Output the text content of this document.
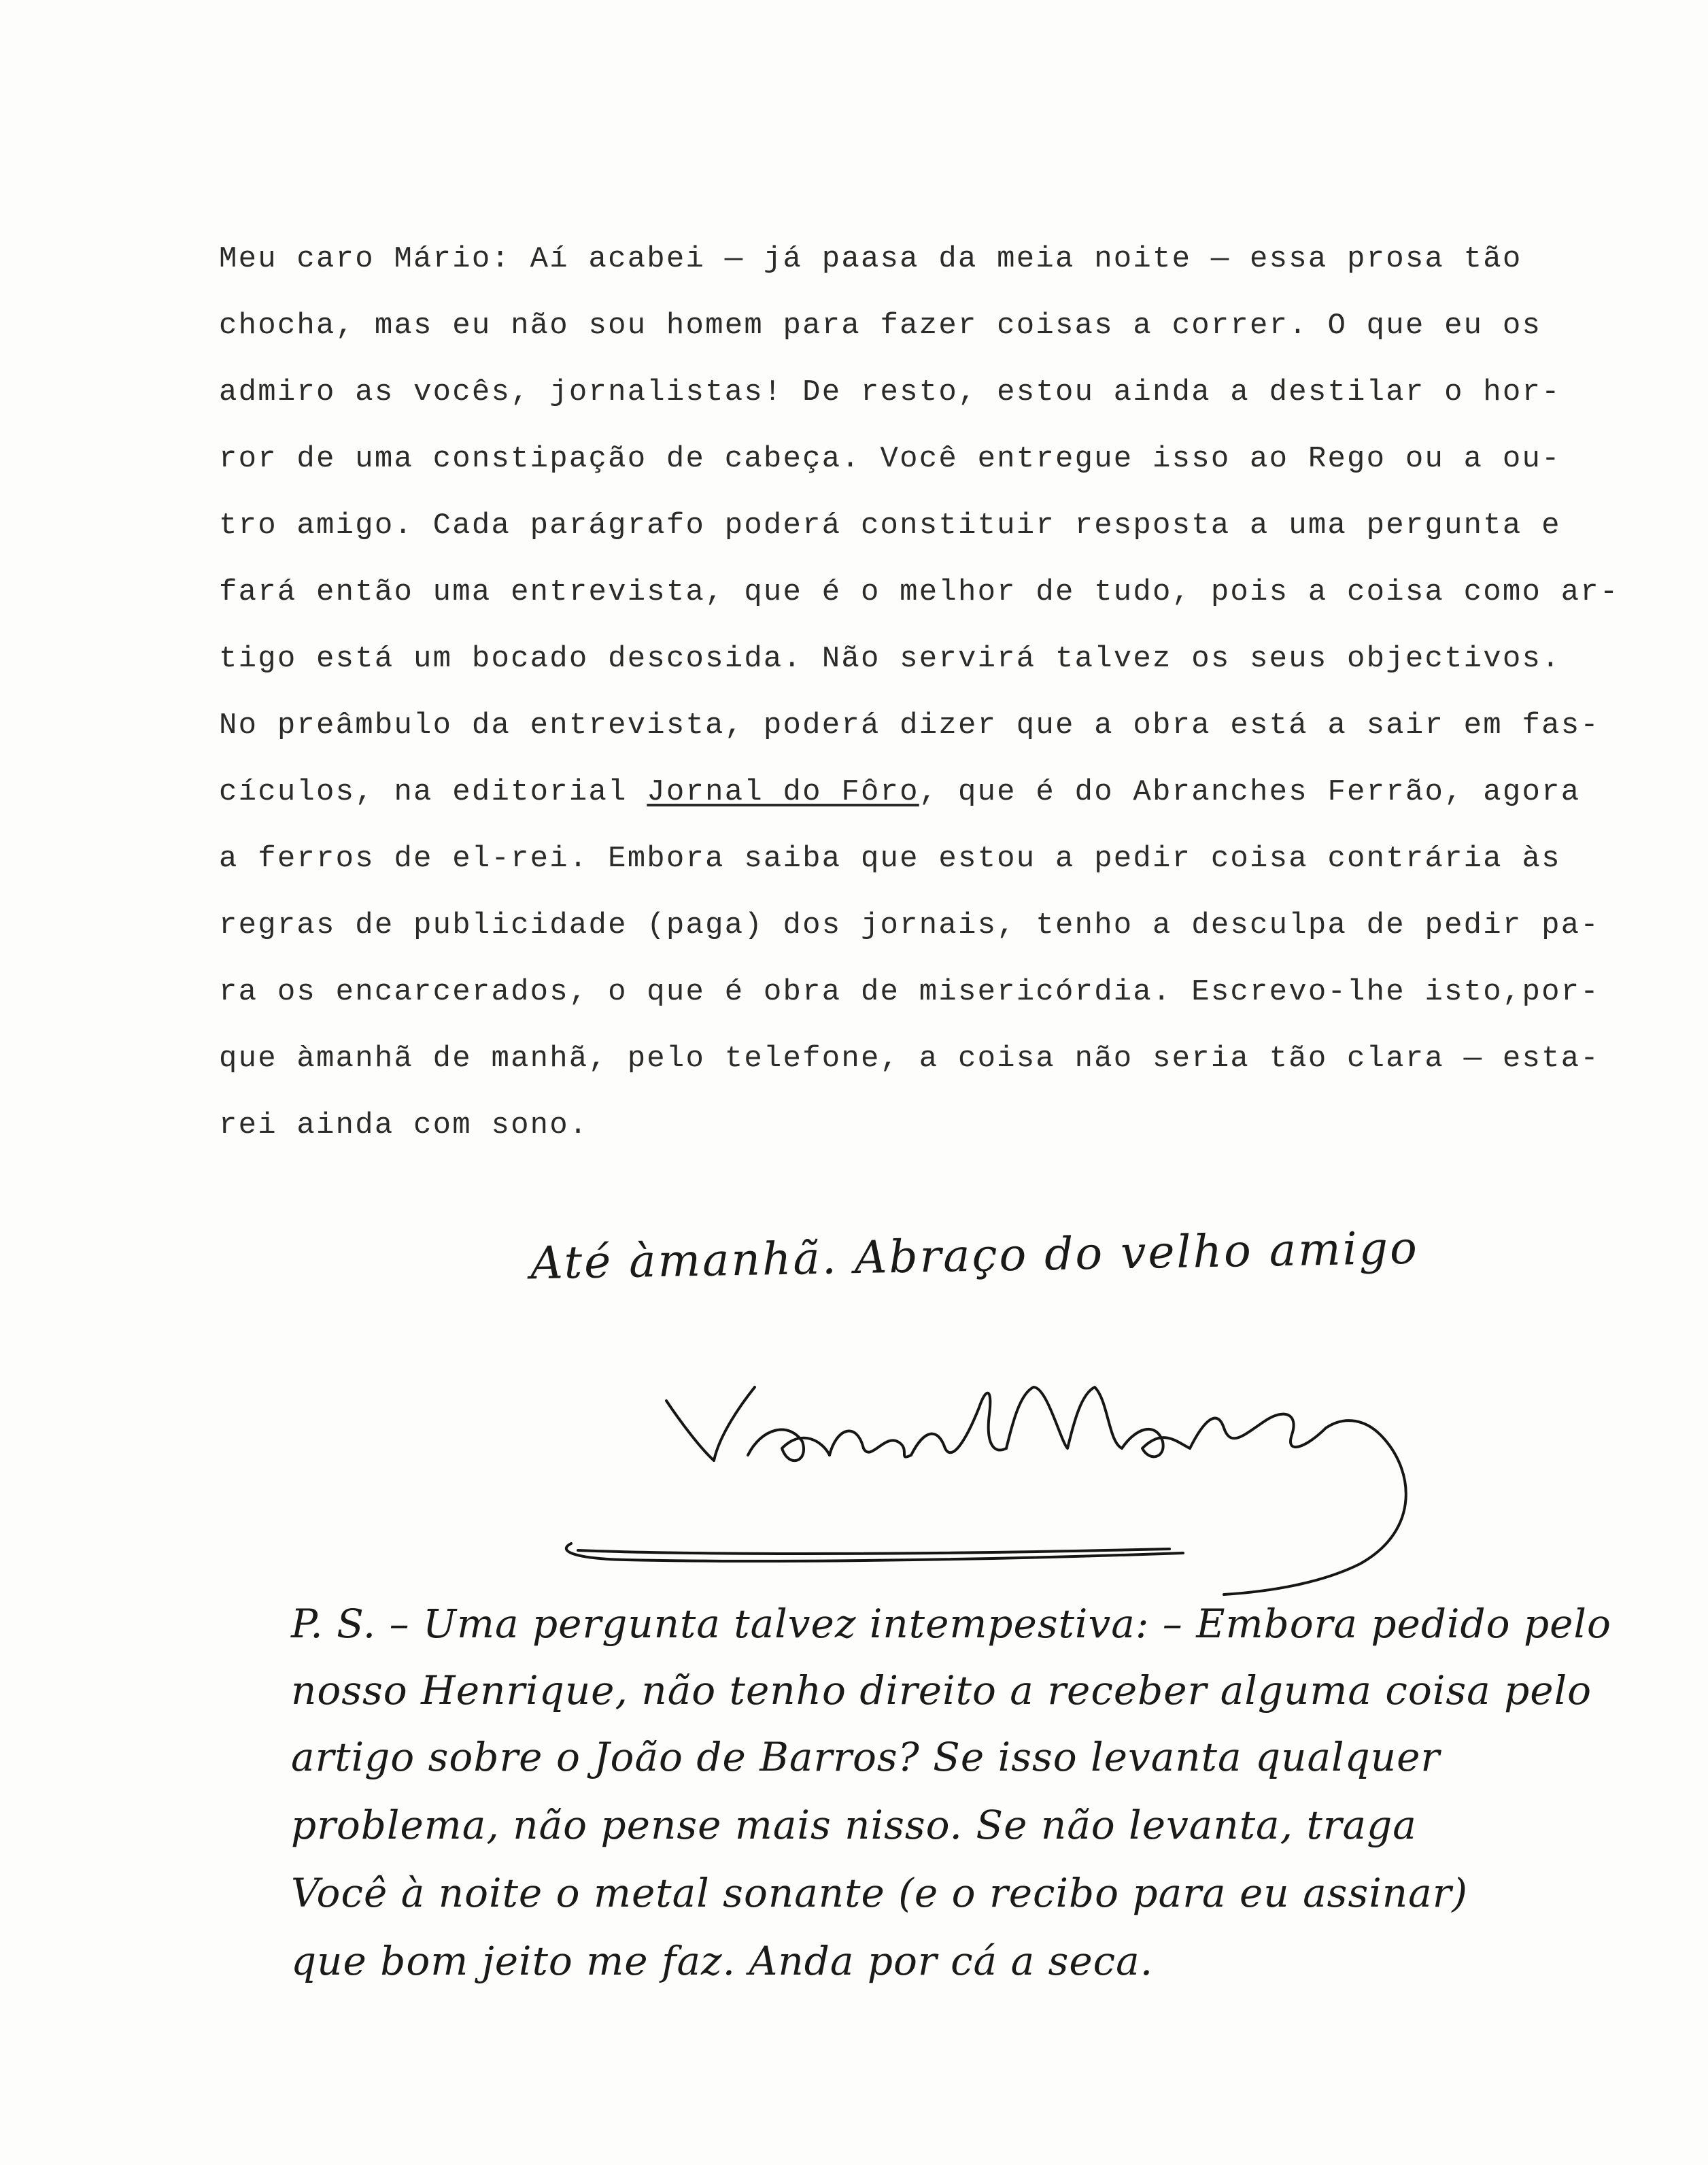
Meu caro Mário: Aí acabei — já paasa da meia noite — essa prosa tão
chocha, mas eu não sou homem para fazer coisas a correr. O que eu os
admiro as vocês, jornalistas! De resto, estou ainda a destilar o hor-
ror de uma constipação de cabeça. Você entregue isso ao Rego ou a ou-
tro amigo. Cada parágrafo poderá constituir resposta a uma pergunta e
fará então uma entrevista, que é o melhor de tudo, pois a coisa como ar-
tigo está um bocado descosida. Não servirá talvez os seus objectivos.
No preâmbulo da entrevista, poderá dizer que a obra está a sair em fas-
cículos, na editorial Jornal do Fôro, que é do Abranches Ferrão, agora
a ferros de el-rei. Embora saiba que estou a pedir coisa contrária às
regras de publicidade (paga) dos jornais, tenho a desculpa de pedir pa-
ra os encarcerados, o que é obra de misericórdia. Escrevo-lhe isto,por-
que àmanhã de manhã, pelo telefone, a coisa não seria tão clara — esta-
rei ainda com sono.
Até àmanhã. Abraço do velho amigo
P. S. – Uma pergunta talvez intempestiva: – Embora pedido pelo
nosso Henrique, não tenho direito a receber alguma coisa pelo
artigo sobre o João de Barros? Se isso levanta qualquer
problema, não pense mais nisso. Se não levanta, traga
Você à noite o metal sonante (e o recibo para eu assinar)
que bom jeito me faz. Anda por cá a seca.
